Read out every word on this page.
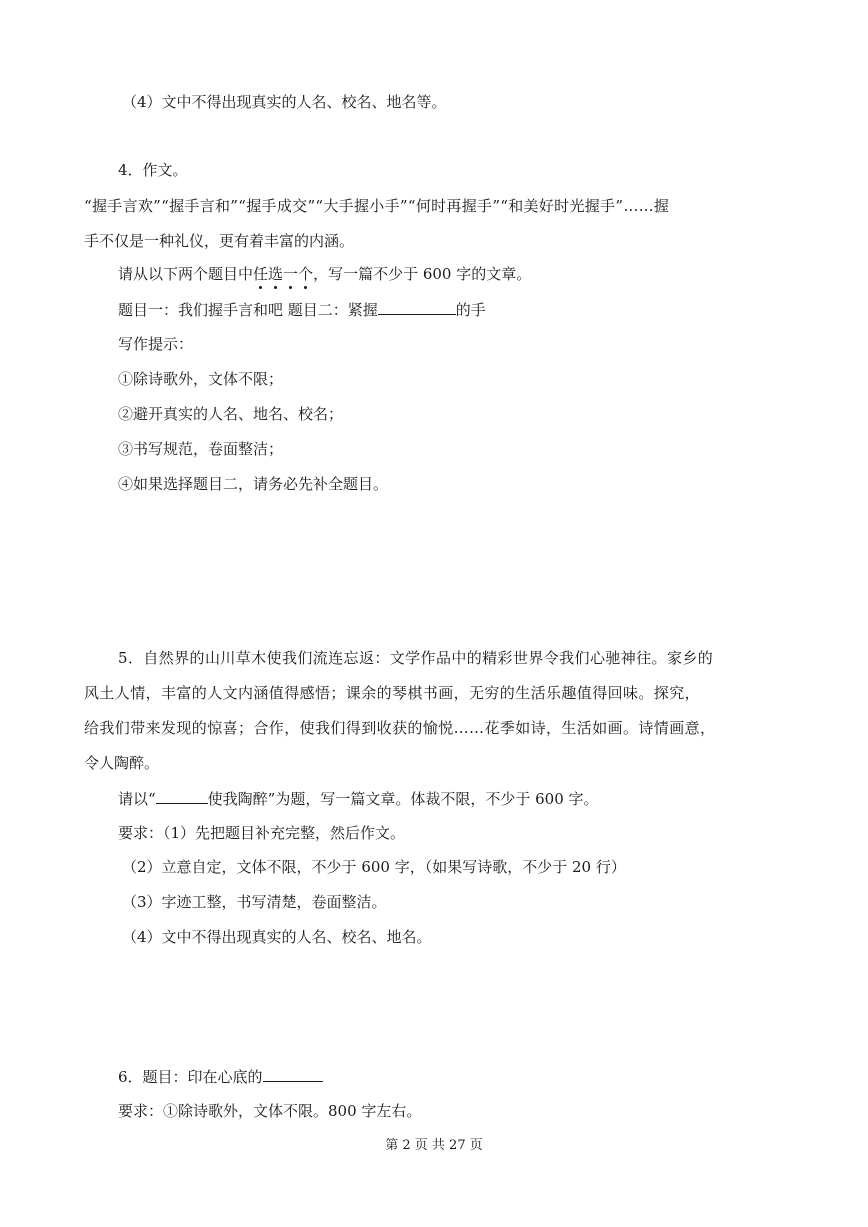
（4）文中不得出现真实的人名、校名、地名等。
4．作文。
“握手言欢”“握手言和”“握手成交”“大手握小手”“何时再握手”“和美好时光握手”……握
手不仅是一种礼仪，更有着丰富的内涵。
请从以下两个题目中任选一个，写一篇不少于 600 字的文章。
题目一：我们握手言和吧 题目二：紧握	的手
写作提示：
①除诗歌外，文体不限；
②避开真实的人名、地名、校名；
③书写规范，卷面整洁；
④如果选择题目二，请务必先补全题目。
5．自然界的山川草木使我们流连忘返：文学作品中的精彩世界令我们心驰神往。家乡的
风土人情，丰富的人文内涵值得感悟；课余的琴棋书画，无穷的生活乐趣值得回味。探究，
给我们带来发现的惊喜；合作，使我们得到收获的愉悦……花季如诗，生活如画。诗情画意，
令人陶醉。
请以“	使我陶醉”为题，写一篇文章。体裁不限，不少于 600 字。
要求：（1）先把题目补充完整，然后作文。
（2）立意自定，文体不限，不少于 600 字，（如果写诗歌，不少于 20 行）
（3）字迹工整，书写清楚，卷面整洁。
（4）文中不得出现真实的人名、校名、地名。
6．题目：印在心底的
要求：①除诗歌外，文体不限。800 字左右。
第 2 页 共 27 页
